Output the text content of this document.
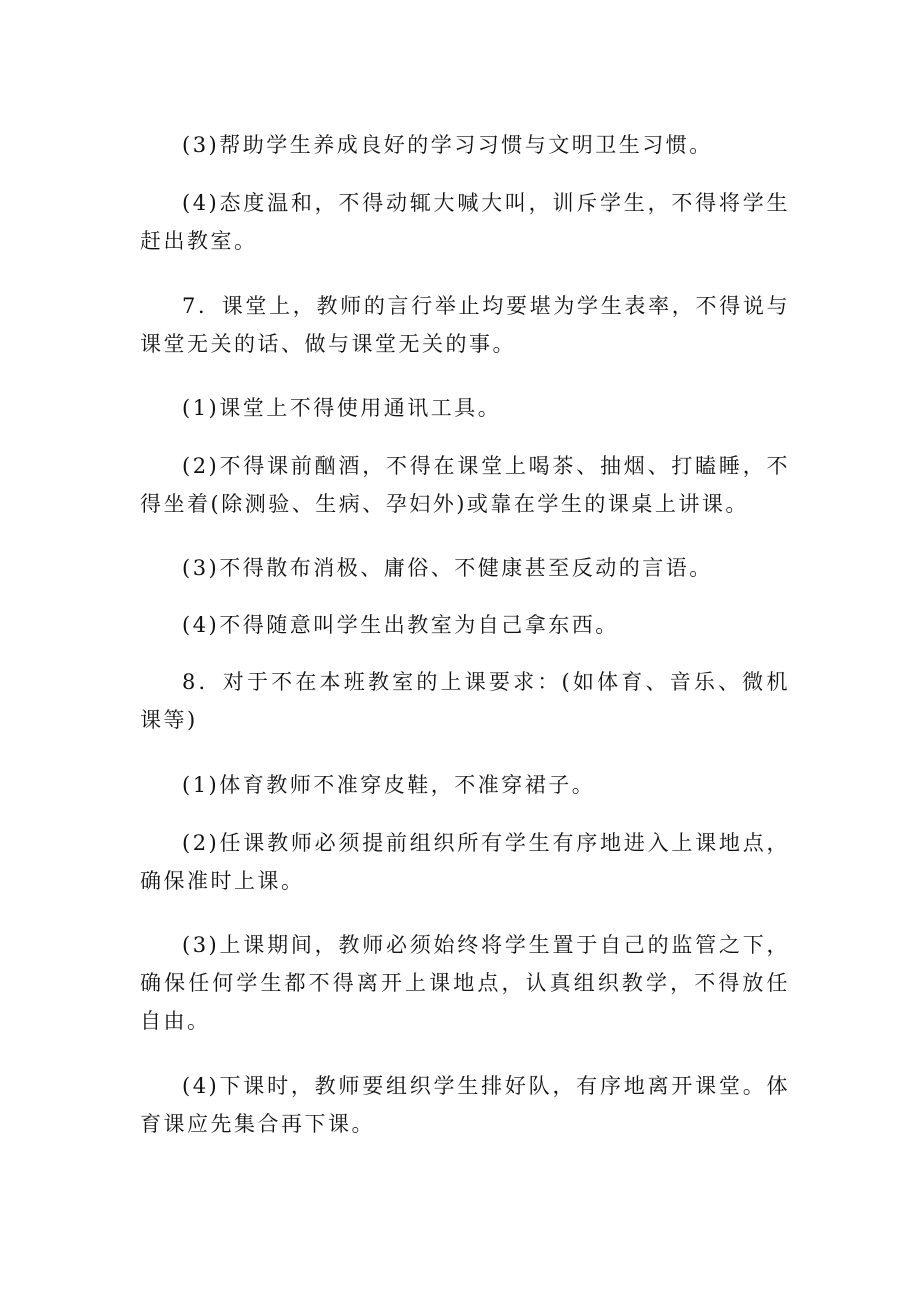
(3)帮助学生养成良好的学习习惯与文明卫生习惯。

(4)态度温和，不得动辄大喊大叫，训斥学生，不得将学生赶出教室。

7．课堂上，教师的言行举止均要堪为学生表率，不得说与课堂无关的话、做与课堂无关的事。

(1)课堂上不得使用通讯工具。

(2)不得课前酗酒，不得在课堂上喝茶、抽烟、打瞌睡，不得坐着(除测验、生病、孕妇外)或靠在学生的课桌上讲课。

(3)不得散布消极、庸俗、不健康甚至反动的言语。

(4)不得随意叫学生出教室为自己拿东西。

8．对于不在本班教室的上课要求：(如体育、音乐、微机课等)

(1)体育教师不准穿皮鞋，不准穿裙子。

(2)任课教师必须提前组织所有学生有序地进入上课地点，确保准时上课。

(3)上课期间，教师必须始终将学生置于自己的监管之下，确保任何学生都不得离开上课地点，认真组织教学，不得放任自由。

(4)下课时，教师要组织学生排好队，有序地离开课堂。体育课应先集合再下课。
